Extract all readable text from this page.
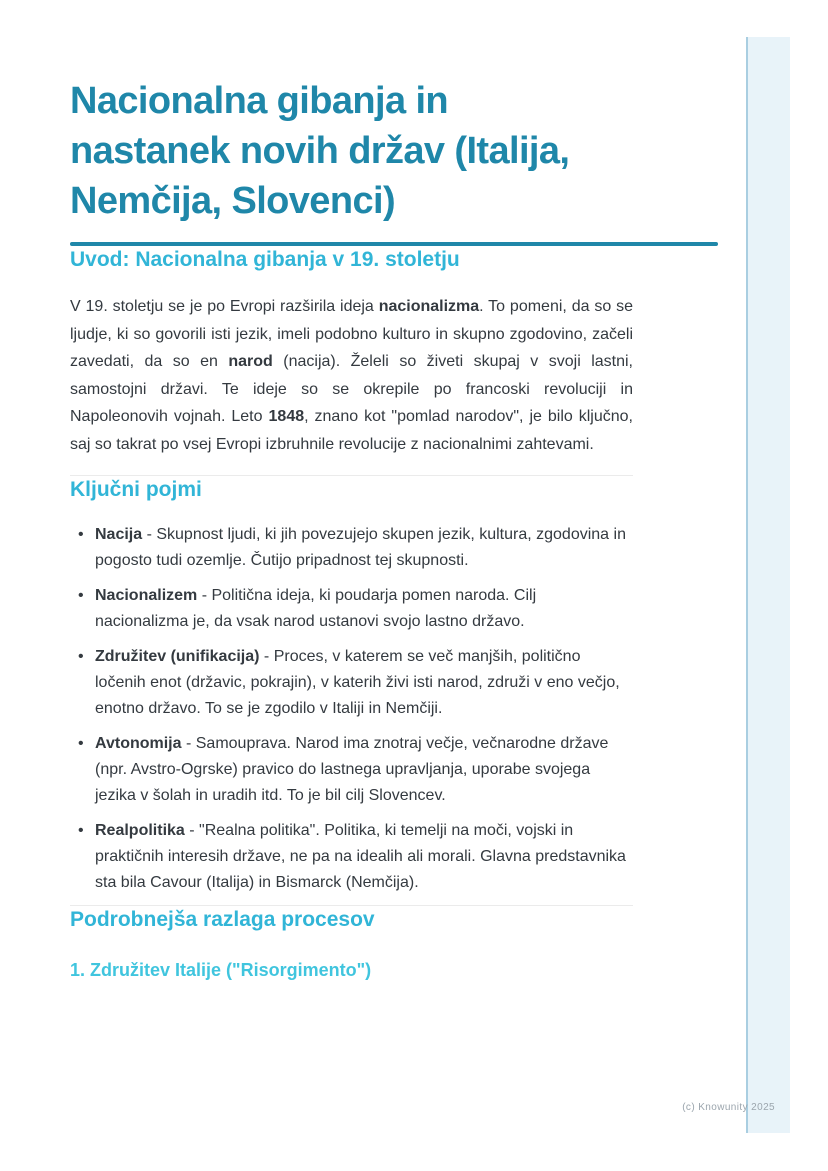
Nacionalna gibanja in
nastanek novih držav (Italija,
Nemčija, Slovenci)
Uvod: Nacionalna gibanja v 19. stoletju

V 19. stoletju se je po Evropi razširila ideja nacionalizma. To pomeni, da so se ljudje, ki so govorili isti jezik, imeli podobno kulturo in skupno zgodovino, začeli zavedati, da so en narod (nacija). Želeli so živeti skupaj v svoji lastni, samostojni državi. Te ideje so se okrepile po francoski revoluciji in Napoleonovih vojnah. Leto 1848, znano kot "pomlad narodov", je bilo ključno, saj so takrat po vsej Evropi izbruhnile revolucije z nacionalnimi zahtevami.

Ključni pojmi
• Nacija - Skupnost ljudi, ki jih povezujejo skupen jezik, kultura, zgodovina in pogosto tudi ozemlje. Čutijo pripadnost tej skupnosti.
• Nacionalizem - Politična ideja, ki poudarja pomen naroda. Cilj nacionalizma je, da vsak narod ustanovi svojo lastno državo.
• Združitev (unifikacija) - Proces, v katerem se več manjših, politično ločenih enot (državic, pokrajin), v katerih živi isti narod, združi v eno večjo, enotno državo. To se je zgodilo v Italiji in Nemčiji.
• Avtonomija - Samouprava. Narod ima znotraj večje, večnarodne države (npr. Avstro-Ogrske) pravico do lastnega upravljanja, uporabe svojega jezika v šolah in uradih itd. To je bil cilj Slovencev.
• Realpolitika - "Realna politika". Politika, ki temelji na moči, vojski in praktičnih interesih države, ne pa na idealih ali morali. Glavna predstavnika sta bila Cavour (Italija) in Bismarck (Nemčija).
Podrobnejša razlaga procesov
1. Združitev Italije ("Risorgimento")
(c) Knowunity 2025
